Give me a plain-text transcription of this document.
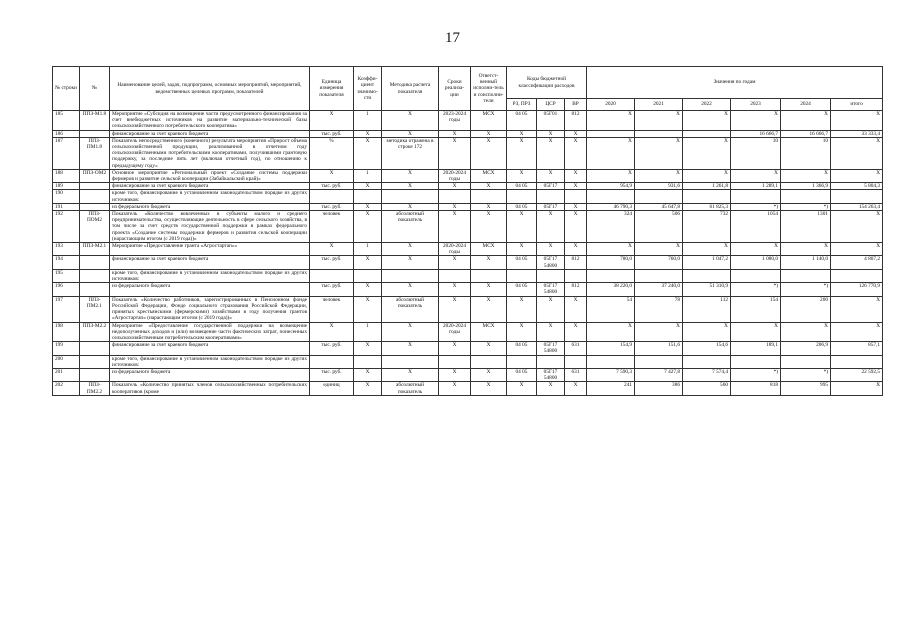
17
№ строки	№	Наименование целей, задач, подпрограмм, основных мероприятий, мероприятий, ведомственных целевых программ, показателей	Единица измерения показателя	Коэффи-циент значимо-сти	Методика расчета показателя	Сроки реализа-ции	Ответст-венный исполни-тель и соисполни-тели	Коды бюджетной классификации расходов			Значения по годам					
								РЗ, ПРЗ	ЦСР	ВР	2020	2021	2022	2023	2024	итого
185	ППЗ-М1.8	Мероприятие «Субсидия на возмещение части предусмотренного финансирования за счет внебюджетных источников на развитие материально-технической базы сельскохозяйственного потребительского кооператива»	Х	1	Х	2023-2024 годы	МСХ	04 05	05Г01	812	Х	Х	Х	Х	Х	Х
186		финансирование за счет краевого бюджета	тыс. руб.	Х	Х	Х	Х	Х	Х	Х				16 666,7	16 666,7	33 333,4
187	ППЗ-ПМ1.8	Показатель непосредственного (конечного) результата мероприятия «Прирост объема сельскохозяйственной продукции, реализованной в отчетном году сельскохозяйственными потребительскими кооперативами, получившими грантовую поддержку, за последние пять лет (включая отчетный год), по отношению к предыдущему году»	%	Х	методика отражена в строке 172	Х	Х	Х	Х	Х	Х	Х	Х	10	10	Х
188	ППЗ-ОМ2	Основное мероприятие «Региональный проект «Создание системы поддержки фермеров и развитие сельской кооперации (Забайкальский край)»	Х	1	Х	2020-2024 годы	МСХ	Х	Х	Х	Х	Х	Х	Х	Х	Х
189		финансирование за счет краевого бюджета	тыс. руб.	Х	Х	Х	Х	04 05	05Г17	Х	954,9	931,6	1 261,8	1 289,1	1 366,9	5 804,3
190		кроме того, финансирование в установленном законодательством порядке из других источников:														
191		из федерального бюджета	тыс. руб.	Х	Х	Х	Х	04 05	05Г17	Х	46 790,3	45 647,8	61 825,3	*)	*)	154 263,4
192	ППЗ-ПОМ2	Показатель «Количество вовлеченных в субъекты малого и среднего предпринимательства, осуществляющие деятельность в сфере сельского хозяйства, в том числе за счет средств государственной поддержки в рамках федерального проекта «Создание системы поддержки фермеров и развития сельской кооперации (нарастающим итогом (с 2019 года))»	человек	Х	абсолютный показатель	Х	Х	Х	Х	Х	324	506	732	1054	1301	Х
193	ППЗ-М2.1	Мероприятие «Предоставление гранта «Агростартап»»	Х	1	Х	2020-2024 годы	МСХ	Х	Х	Х	Х	Х	Х	Х	Х	Х
194		финансирование за счет краевого бюджета	тыс. руб.	Х	Х	Х	Х	04 05	05Г17 54800	812	780,0	760,0	1 047,2	1 080,0	1 140,0	4 807,2
195		кроме того, финансирование в установленном законодательством порядке из других источников:														
196		из федерального бюджета	тыс. руб.	Х	Х	Х	Х	04 05	05Г17 54800	812	38 220,0	37 240,0	51 310,9	*)	*)	126 770,9
197	ППЗ-ПМ2.1	Показатель «Количество работников, зарегистрированных в Пенсионном фонде Российской Федерации, Фонде социального страхования Российской Федерации, принятых крестьянскими (фермерскими) хозяйствами в году получения грантов «Агростартап» (нарастающим итогом (с 2019 года))»	человек	Х	абсолютный показатель	Х	Х	Х	Х	Х	54	78	112	154	200	Х
198	ППЗ-М2.2	Мероприятие «Предоставление государственной поддержки на возмещение недополученных доходов и (или) возмещение части фактических затрат, понесенных сельскохозяйственным потребительским кооперативами»	Х	1	Х	2020-2024 годы	МСХ	Х	Х	Х	Х	Х	Х	Х	Х	Х
199		финансирование за счет краевого бюджета	тыс. руб.	Х	Х	Х	Х	04 05	05Г17 54800	631	154,9	151,6	154,6	189,1	206,9	857,1
200		кроме того, финансирование в установленном законодательством порядке из других источников:														
201		из федерального бюджета	тыс. руб.	Х	Х	Х	Х	04 05	05Г17 54800	631	7 590,3	7 427,8	7 574,4	*)	*)	22 592,5
202	ППЗ-ПМ2.2	Показатель «Количество принятых членов сельскохозяйственных потребительских кооперативов (кроме	единиц	Х	абсолютный показатель	Х	Х	Х	Х	Х	241	386	560	818	995	Х
